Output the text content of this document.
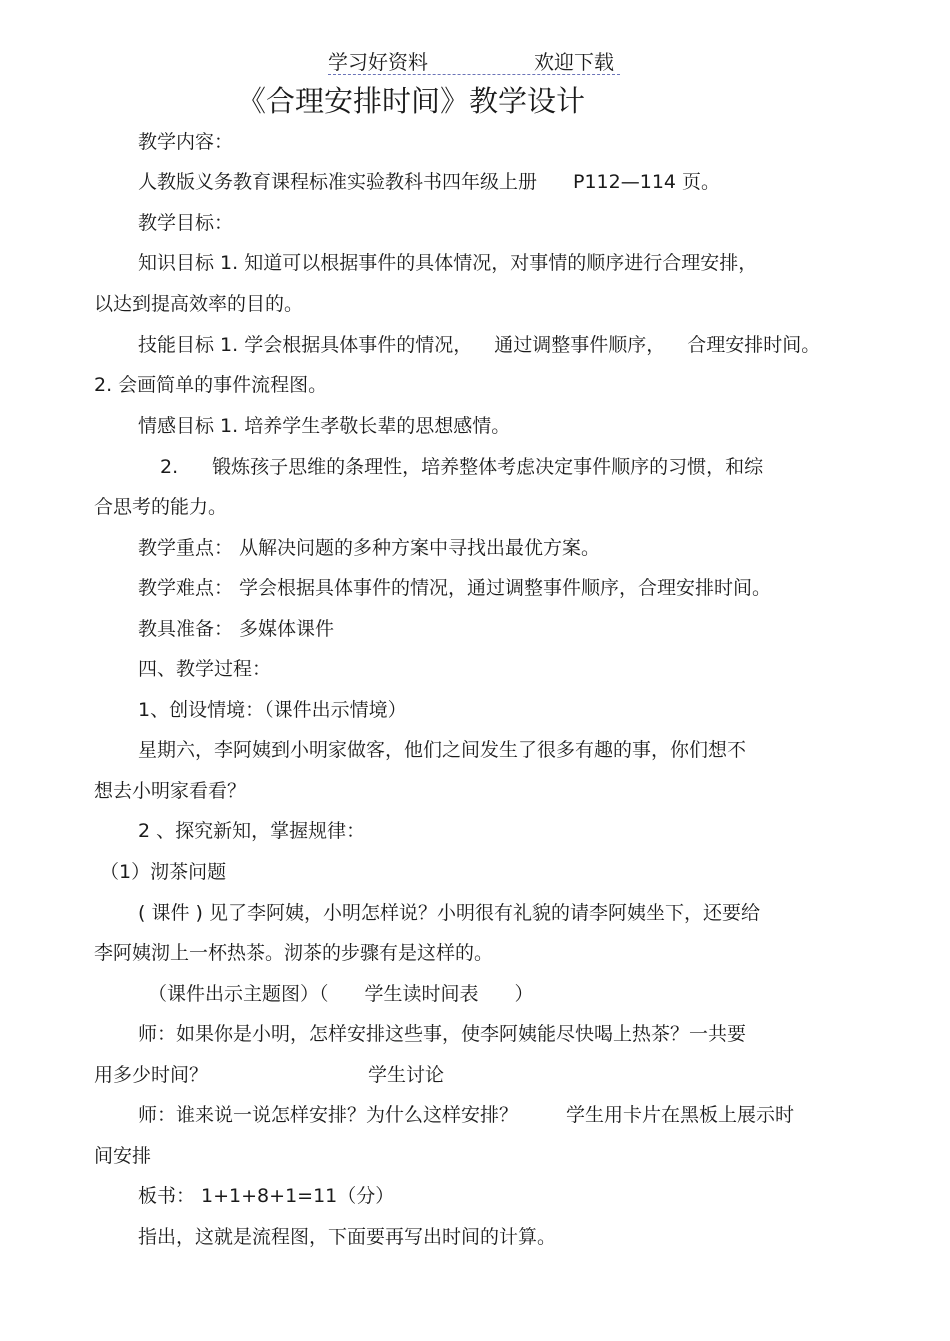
学习好资料	欢迎下载
《合理安排时间》教学设计
教学内容：
人教版义务教育课程标准实验教科书四年级上册 P112—114 页。
教学目标：
知识目标 1. 知道可以根据事件的具体情况，对事情的顺序进行合理安排，
以达到提高效率的目的。
技能目标 1. 学会根据具体事件的情况， 通过调整事件顺序， 合理安排时间。
2. 会画简单的事件流程图。
情感目标 1. 培养学生孝敬长辈的思想感情。
2. 锻炼孩子思维的条理性，培养整体考虑决定事件顺序的习惯，和综
合思考的能力。
教学重点： 从解决问题的多种方案中寻找出最优方案。
教学难点： 学会根据具体事件的情况，通过调整事件顺序，合理安排时间。
教具准备： 多媒体课件
四、教学过程：
1、创设情境：（课件出示情境）
星期六，李阿姨到小明家做客，他们之间发生了很多有趣的事，你们想不
想去小明家看看？
2 、探究新知，掌握规律：
（1）沏茶问题
( 课件 ) 见了李阿姨，小明怎样说？小明很有礼貌的请李阿姨坐下，还要给
李阿姨沏上一杯热茶。沏茶的步骤有是这样的。
（课件出示主题图）（ 学生读时间表 ）
师：如果你是小明，怎样安排这些事，使李阿姨能尽快喝上热茶？一共要
用多少时间？	学生讨论
师：谁来说一说怎样安排？为什么这样安排？	学生用卡片在黑板上展示时
间安排
板书： 1+1+8+1=11（分）
指出，这就是流程图，下面要再写出时间的计算。
